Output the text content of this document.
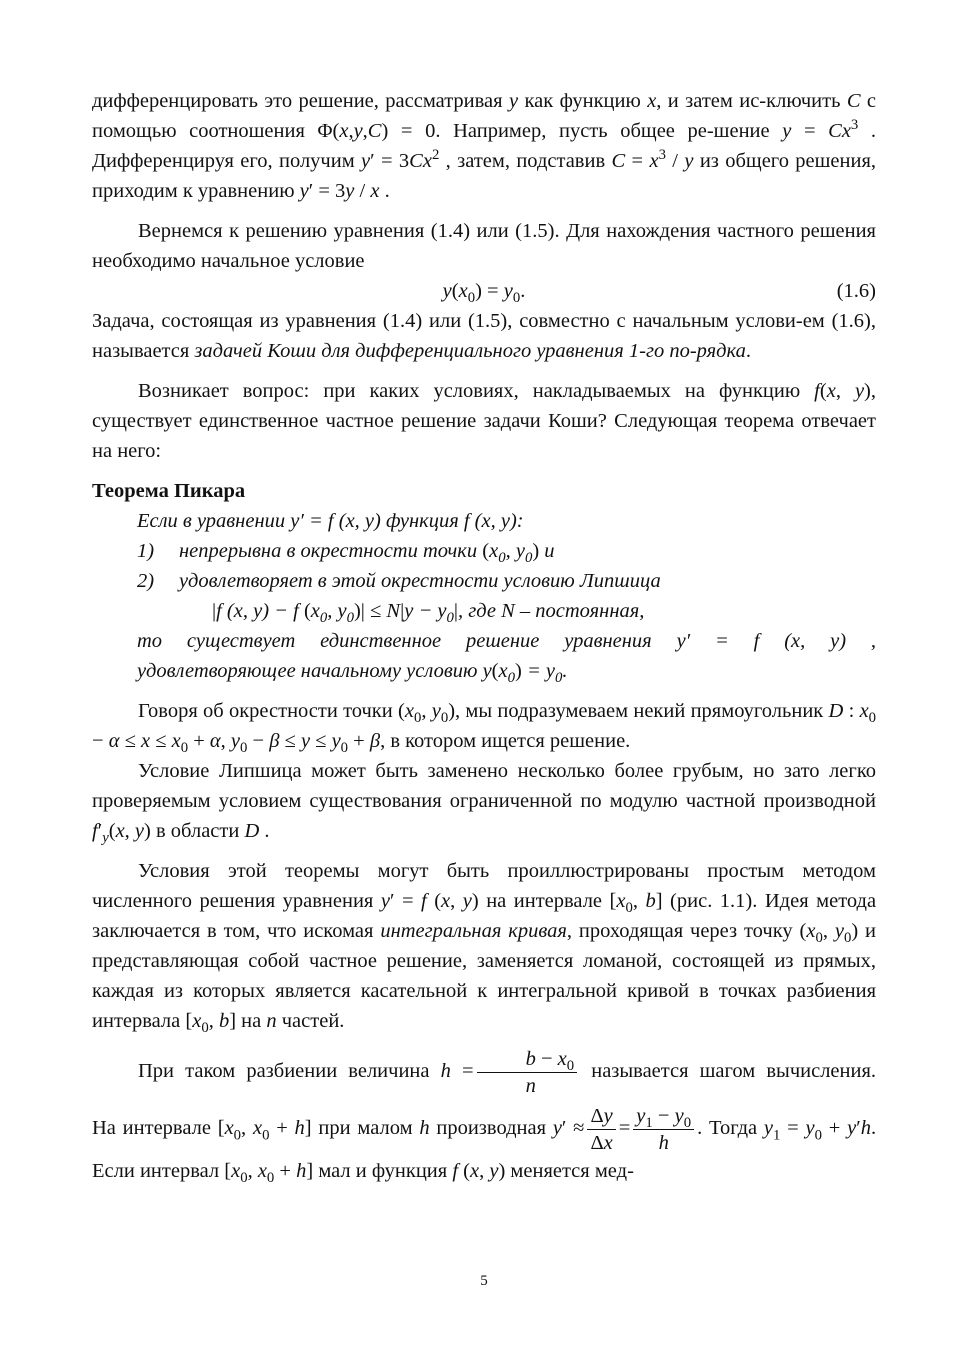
дифференцировать это решение, рассматривая y как функцию x, и затем ис-ключить C с помощью соотношения Φ(x,y,C) = 0. Например, пусть общее ре-шение $y = Cx^3$ . Дифференцируя его, получим $y' = 3Cx^2$ , затем, подставив $C = x^3 / y$ из общего решения, приходим к уравнению y′ = 3y / x .

Вернемся к решению уравнения (1.4) или (1.5). Для нахождения частного решения необходимо начальное условие

$y(x_0) = y_0$.	(1.6)

Задача, состоящая из уравнения (1.4) или (1.5), совместно с начальным услови-ем (1.6), называется задачей Коши для дифференциального уравнения 1-го по-рядка.

Возникает вопрос: при каких условиях, накладываемых на функцию f(x, y), существует единственное частное решение задачи Коши? Следующая теорема отвечает на него:

Теорема Пикара
Если в уравнении y′ = f (x, y) функция f (x, y):
1)	непрерывна в окрестности точки ($x_0$, $y_0$) и
2)	удовлетворяет в этой окрестности условию Липшица
|f (x, y) − f ($x_0$, $y_0)| \le N|y - y_0|$, где N – постоянная,
то существует единственное решение уравнения y′ = f (x, y) ,
удовлетворяющее начальному условию $y(x_0) = y_0$.

Говоря об окрестности точки ($x_0$, $y_0$), мы подразумеваем некий прямоугольник D : $x_0 - \alpha \le x \le x_0 + \alpha$, $y_0 - \beta \le y \le y_0 + \beta$, в котором ищется решение.

Условие Липшица может быть заменено несколько более грубым, но зато легко проверяемым условием существования ограниченной по модулю частной производной $f'_y(x$, y) в области D .

Условия этой теоремы могут быть проиллюстрированы простым методом численного решения уравнения y′ = f (x, y) на интервале [$x_0$, b] (рис. 1.1). Идея метода заключается в том, что искомая интегральная кривая, проходящая через точку ($x_0$, $y_0$) и представляющая собой частное решение, заменяется ломаной, состоящей из прямых, каждая из которых является касательной к интегральной кривой в точках разбиения интервала [$x_0$, b] на n частей.

При таком разбиении величина $h = \frac{b - x_0}{n}$ называется шагом вычисления.

На интервале [$x_0$, $x_0 + h$] при малом h производная $y' \approx \frac{\Delta y}{\Delta x} = \frac{y_1 - y_0}{h}$ . Тогда $y_1 = y_0 + y'h$. Если интервал [$x_0$, $x_0 + h$] мал и функция f (x, y) меняется мед-

5
